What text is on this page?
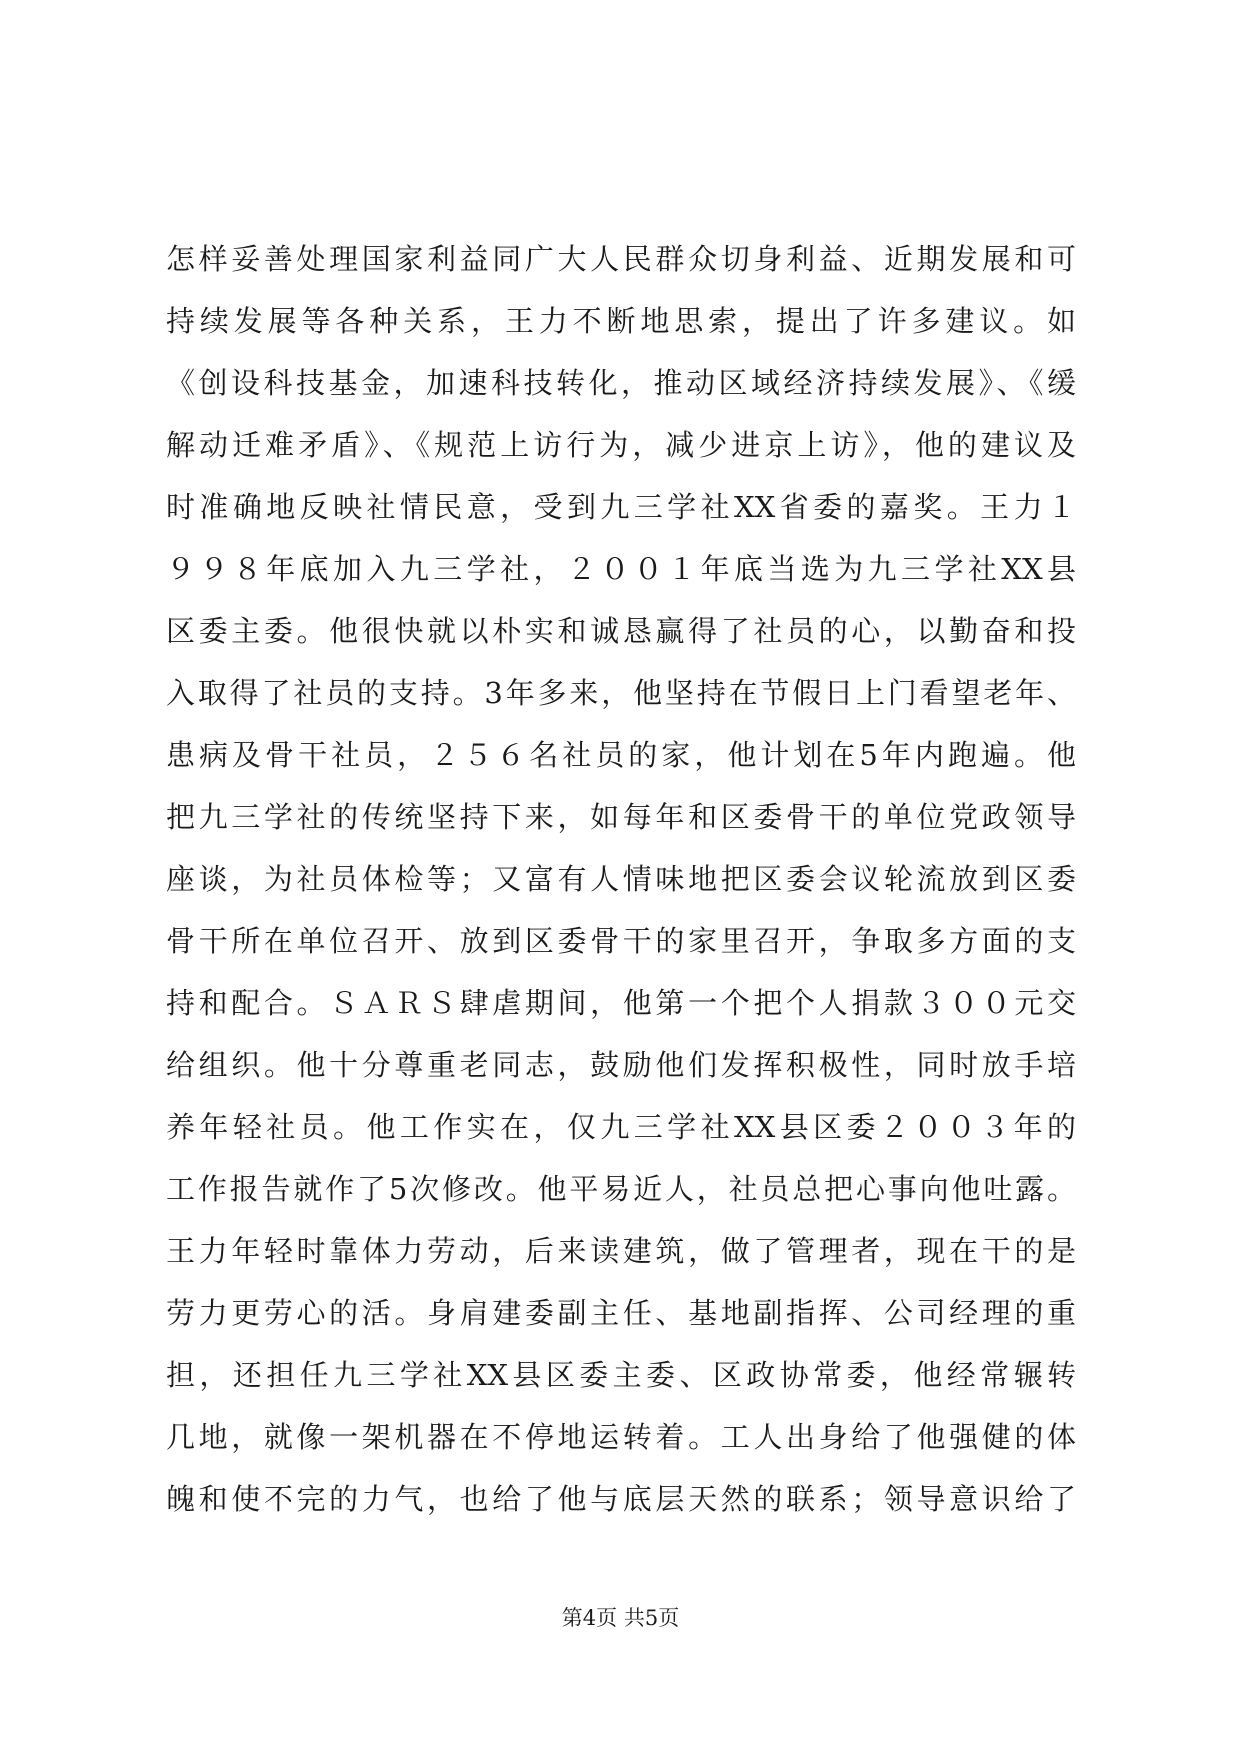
怎样妥善处理国家利益同广大人民群众切身利益、近期发展和可
持续发展等各种关系，王力不断地思索，提出了许多建议。如
《创设科技基金，加速科技转化，推动区域经济持续发展》、《缓
解动迁难矛盾》、《规范上访行为，减少进京上访》，他的建议及
时准确地反映社情民意，受到九三学社XX省委的嘉奖。王力１
９９８年底加入九三学社，２００１年底当选为九三学社XX县
区委主委。他很快就以朴实和诚恳赢得了社员的心，以勤奋和投
入取得了社员的支持。3年多来，他坚持在节假日上门看望老年、
患病及骨干社员，２５６名社员的家，他计划在5年内跑遍。他
把九三学社的传统坚持下来，如每年和区委骨干的单位党政领导
座谈，为社员体检等；又富有人情味地把区委会议轮流放到区委
骨干所在单位召开、放到区委骨干的家里召开，争取多方面的支
持和配合。ＳＡＲＳ肆虐期间，他第一个把个人捐款３００元交
给组织。他十分尊重老同志，鼓励他们发挥积极性，同时放手培
养年轻社员。他工作实在，仅九三学社XX县区委２００３年的
工作报告就作了5次修改。他平易近人，社员总把心事向他吐露。
王力年轻时靠体力劳动，后来读建筑，做了管理者，现在干的是
劳力更劳心的活。身肩建委副主任、基地副指挥、公司经理的重
担，还担任九三学社XX县区委主委、区政协常委，他经常辗转
几地，就像一架机器在不停地运转着。工人出身给了他强健的体
魄和使不完的力气，也给了他与底层天然的联系；领导意识给了
第4页 共5页
